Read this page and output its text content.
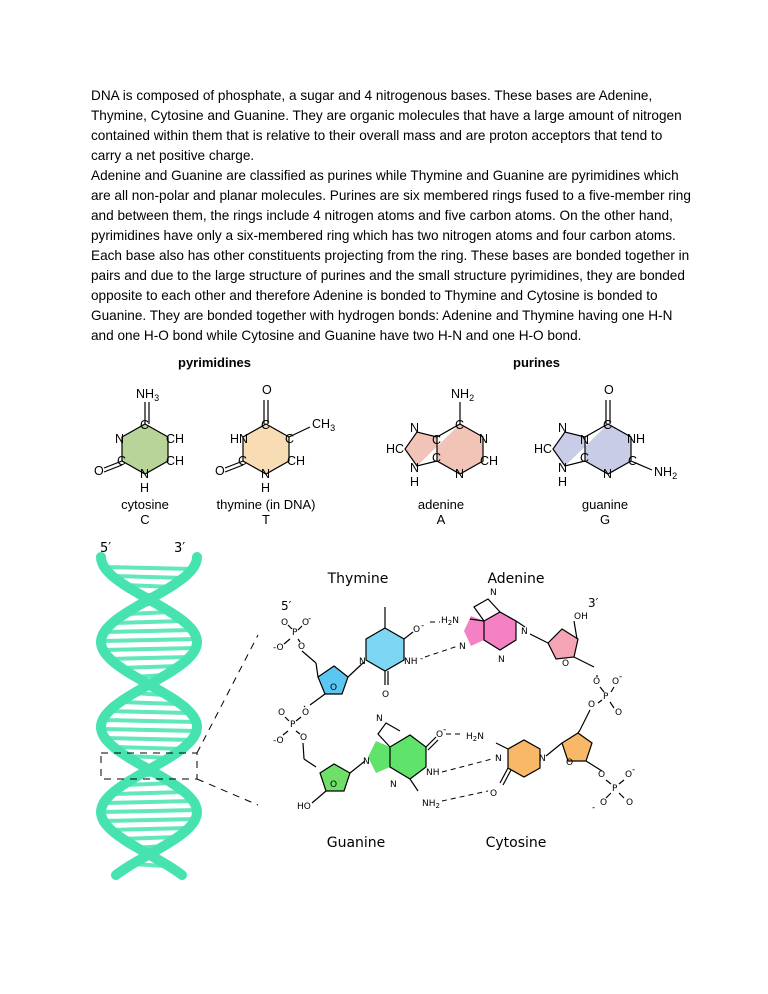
DNA is composed of phosphate, a sugar and 4 nitrogenous bases. These bases are Adenine, Thymine, Cytosine and Guanine. They are organic molecules that have a large amount of nitrogen contained within them that is relative to their overall mass and are proton acceptors that tend to carry a net positive charge.

Adenine and Guanine are classified as purines while Thymine and Guanine are pyrimidines which are all non-polar and planar molecules. Purines are six membered rings fused to a five-member ring and between them, the rings include 4 nitrogen atoms and five carbon atoms. On the other hand, pyrimidines have only a six-membered ring which has two nitrogen atoms and four carbon atoms. Each base also has other constituents projecting from the ring. These bases are bonded together in pairs and due to the large structure of purines and the small structure pyrimidines, they are bonded opposite to each other and therefore Adenine is bonded to Thymine and Cytosine is bonded to Guanine. They are bonded together with hydrogen bonds: Adenine and Thymine having one H-N and one H-O bond while Cytosine and Guanine have two H-N and one H-O bond.

pyrimidines	purines
$NH_3$
C
N	CH
CH
C
N
H
O
O
$CH_3$
C
HN	C
CH
C
N
H
O
$NH_2$
C
N
CH
N
C
C
N
HC
N
H
O
C
NH
C
N
N
C
N
HC
N
H
$NH_2$
cytosine
C
thymine (in DNA)
T
adenine
A
guanine
G
5′	3′
Thymine	Adenine
Guanine	Cytosine
5′	3′
O
P
O
-
-O O
O
N	NH -
O -
O
N
N
N
N
$H_2N$	OH
O
O O -
P
O
O
O
P
O
-O O
O
HO
N
N
N
NH
O -
$NH_2$
$H_2N$
N	N
O
O
O O -
P
O O
-
